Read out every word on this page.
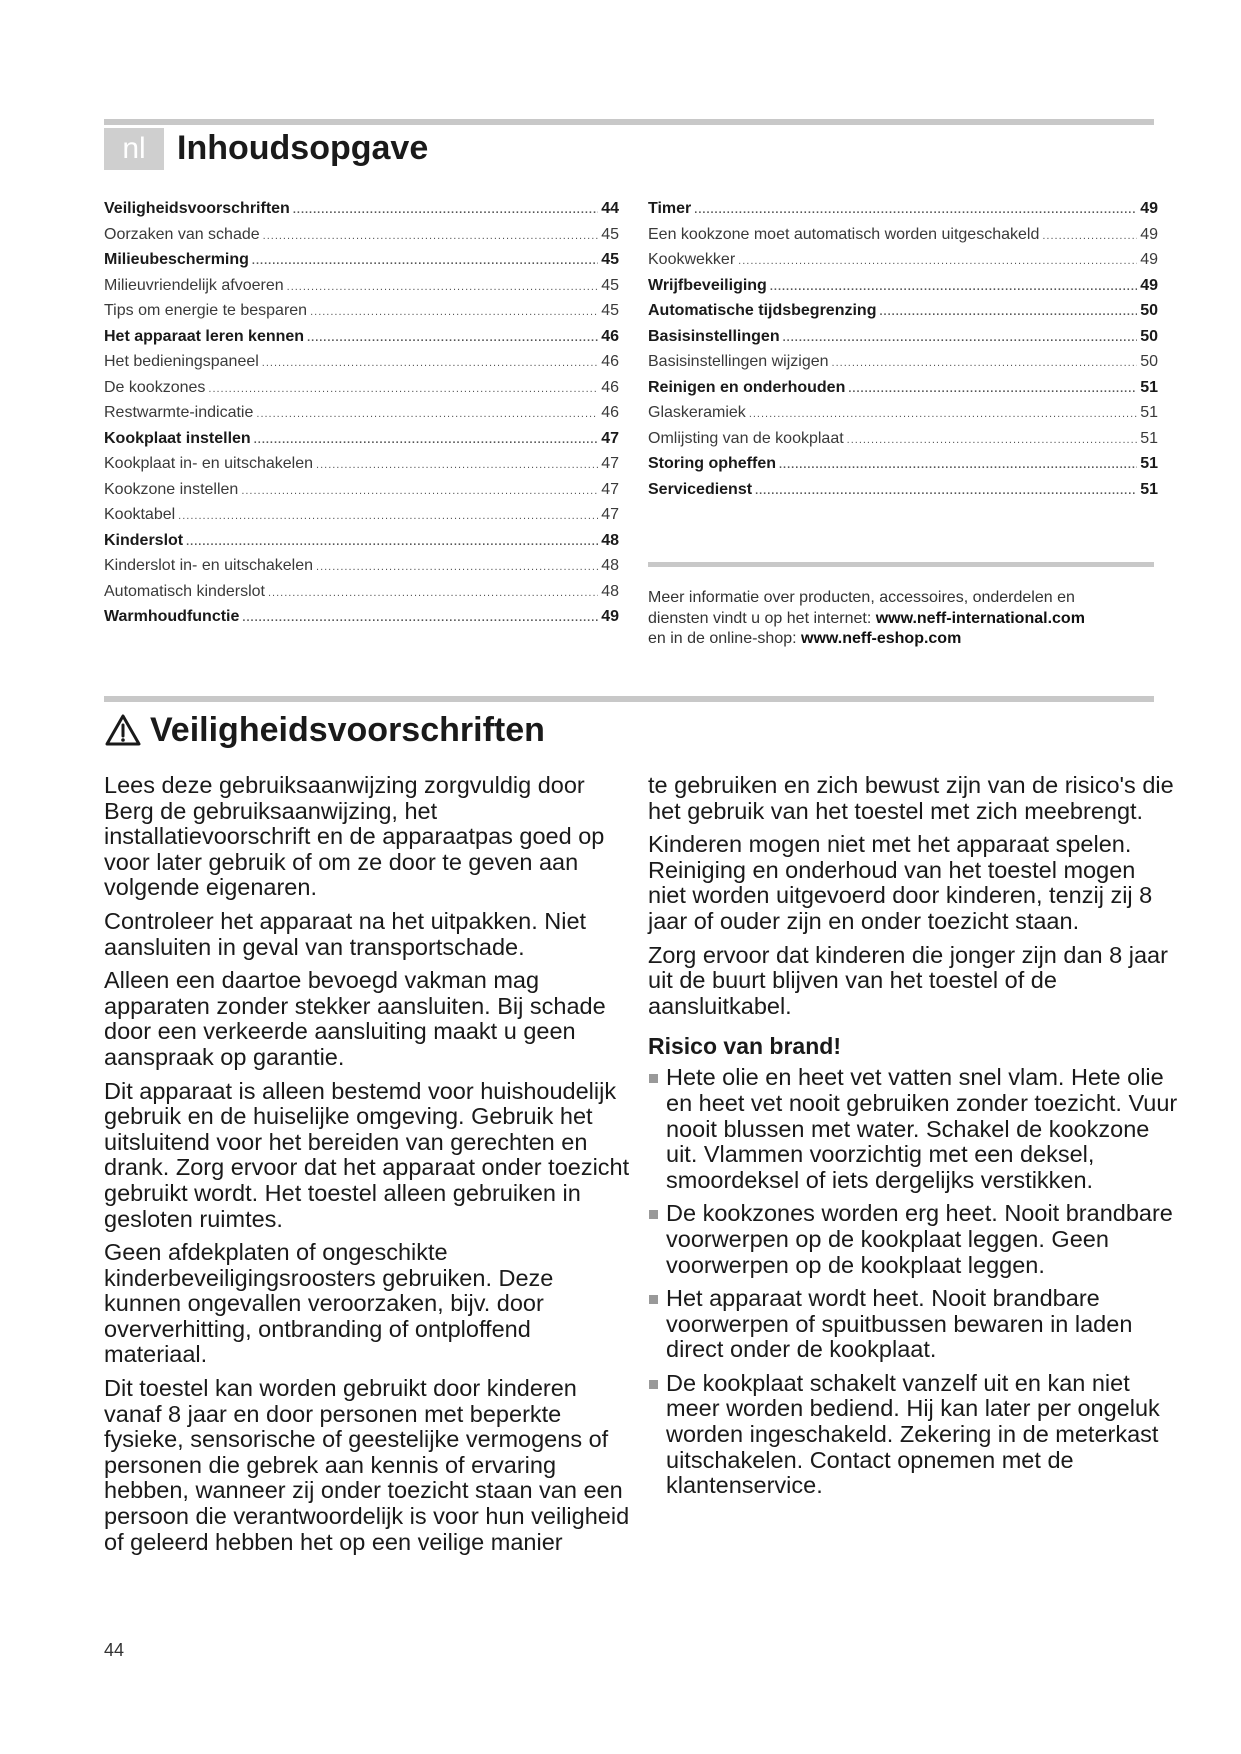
nl Inhoudsopgave
Veiligheidsvoorschriften .....	44
Oorzaken van schade .....	45
Milieubescherming .....	45
Milieuvriendelijk afvoeren .....	45
Tips om energie te besparen .....	45
Het apparaat leren kennen .....	46
Het bedieningspaneel .....	46
De kookzones .....	46
Restwarmte-indicatie .....	46
Kookplaat instellen .....	47
Kookplaat in- en uitschakelen .....	47
Kookzone instellen .....	47
Kooktabel .....	47
Kinderslot .....	48
Kinderslot in- en uitschakelen .....	48
Automatisch kinderslot .....	48
Warmhoudfunctie .....	49
Timer .....	49
Een kookzone moet automatisch worden uitgeschakeld .....	49
Kookwekker .....	49
Wrijfbeveiliging .....	49
Automatische tijdsbegrenzing .....	50
Basisinstellingen .....	50
Basisinstellingen wijzigen .....	50
Reinigen en onderhouden .....	51
Glaskeramiek .....	51
Omlijsting van de kookplaat .....	51
Storing opheffen .....	51
Servicedienst .....	51

Meer informatie over producten, accessoires, onderdelen en
diensten vindt u op het internet: www.neff-international.com
en in de online-shop: www.neff-eshop.com

Veiligheidsvoorschriften

Lees deze gebruiksaanwijzing zorgvuldig door Berg de gebruiksaanwijzing, het installatievoorschrift en de apparaatpas goed op voor later gebruik of om ze door te geven aan volgende eigenaren.

Controleer het apparaat na het uitpakken. Niet aansluiten in geval van transportschade.

Alleen een daartoe bevoegd vakman mag apparaten zonder stekker aansluiten. Bij schade door een verkeerde aansluiting maakt u geen aanspraak op garantie.

Dit apparaat is alleen bestemd voor huishoudelijk gebruik en de huiselijke omgeving. Gebruik het uitsluitend voor het bereiden van gerechten en drank. Zorg ervoor dat het apparaat onder toezicht gebruikt wordt. Het toestel alleen gebruiken in gesloten ruimtes.

Geen afdekplaten of ongeschikte kinderbeveiligingsroosters gebruiken. Deze kunnen ongevallen veroorzaken, bijv. door oververhitting, ontbranding of ontploffend materiaal.

Dit toestel kan worden gebruikt door kinderen vanaf 8 jaar en door personen met beperkte fysieke, sensorische of geestelijke vermogens of personen die gebrek aan kennis of ervaring hebben, wanneer zij onder toezicht staan van een persoon die verantwoordelijk is voor hun veiligheid of geleerd hebben het op een veilige manier

te gebruiken en zich bewust zijn van de risico's die het gebruik van het toestel met zich meebrengt.

Kinderen mogen niet met het apparaat spelen. Reiniging en onderhoud van het toestel mogen niet worden uitgevoerd door kinderen, tenzij zij 8 jaar of ouder zijn en onder toezicht staan.

Zorg ervoor dat kinderen die jonger zijn dan 8 jaar uit de buurt blijven van het toestel of de aansluitkabel.

Risico van brand!
Hete olie en heet vet vatten snel vlam. Hete olie en heet vet nooit gebruiken zonder toezicht. Vuur nooit blussen met water. Schakel de kookzone uit. Vlammen voorzichtig met een deksel, smoordeksel of iets dergelijks verstikken.
De kookzones worden erg heet. Nooit brandbare voorwerpen op de kookplaat leggen. Geen voorwerpen op de kookplaat leggen.
Het apparaat wordt heet. Nooit brandbare voorwerpen of spuitbussen bewaren in laden direct onder de kookplaat.
De kookplaat schakelt vanzelf uit en kan niet meer worden bediend. Hij kan later per ongeluk worden ingeschakeld. Zekering in de meterkast uitschakelen. Contact opnemen met de klantenservice.
44
